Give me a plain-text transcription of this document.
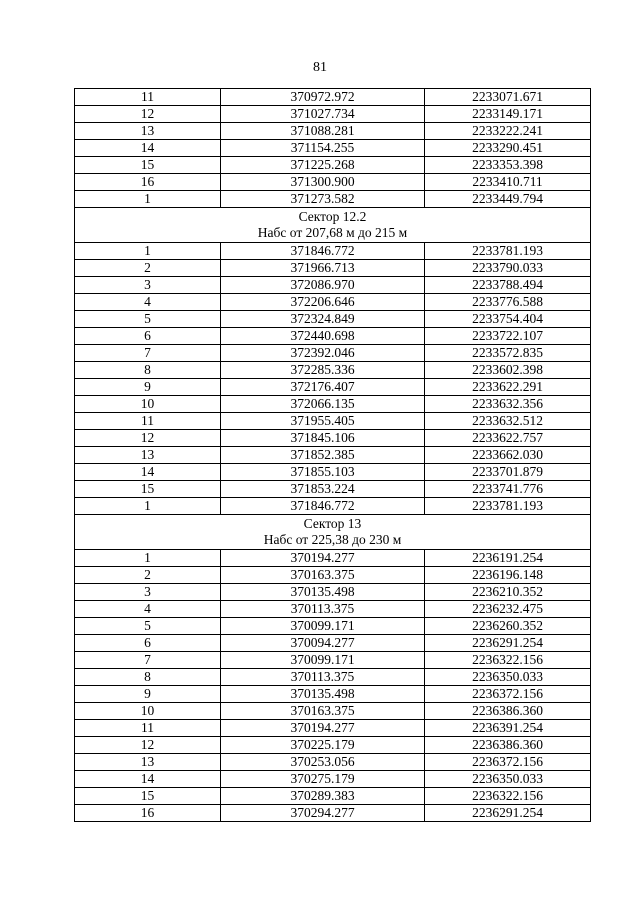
81
11	370972.972	2233071.671
12	371027.734	2233149.171
13	371088.281	2233222.241
14	371154.255	2233290.451
15	371225.268	2233353.398
16	371300.900	2233410.711
1	371273.582	2233449.794

Сектор 12.2
Набс от 207,68 м до 215 м		

1	371846.772	2233781.193
2	371966.713	2233790.033
3	372086.970	2233788.494
4	372206.646	2233776.588
5	372324.849	2233754.404
6	372440.698	2233722.107
7	372392.046	2233572.835
8	372285.336	2233602.398
9	372176.407	2233622.291
10	372066.135	2233632.356
11	371955.405	2233632.512
12	371845.106	2233622.757
13	371852.385	2233662.030
14	371855.103	2233701.879
15	371853.224	2233741.776
1	371846.772	2233781.193

Сектор 13
Набс от 225,38 до 230 м		

1	370194.277	2236191.254
2	370163.375	2236196.148
3	370135.498	2236210.352
4	370113.375	2236232.475
5	370099.171	2236260.352
6	370094.277	2236291.254
7	370099.171	2236322.156
8	370113.375	2236350.033
9	370135.498	2236372.156
10	370163.375	2236386.360
11	370194.277	2236391.254
12	370225.179	2236386.360
13	370253.056	2236372.156
14	370275.179	2236350.033
15	370289.383	2236322.156
16	370294.277	2236291.254
